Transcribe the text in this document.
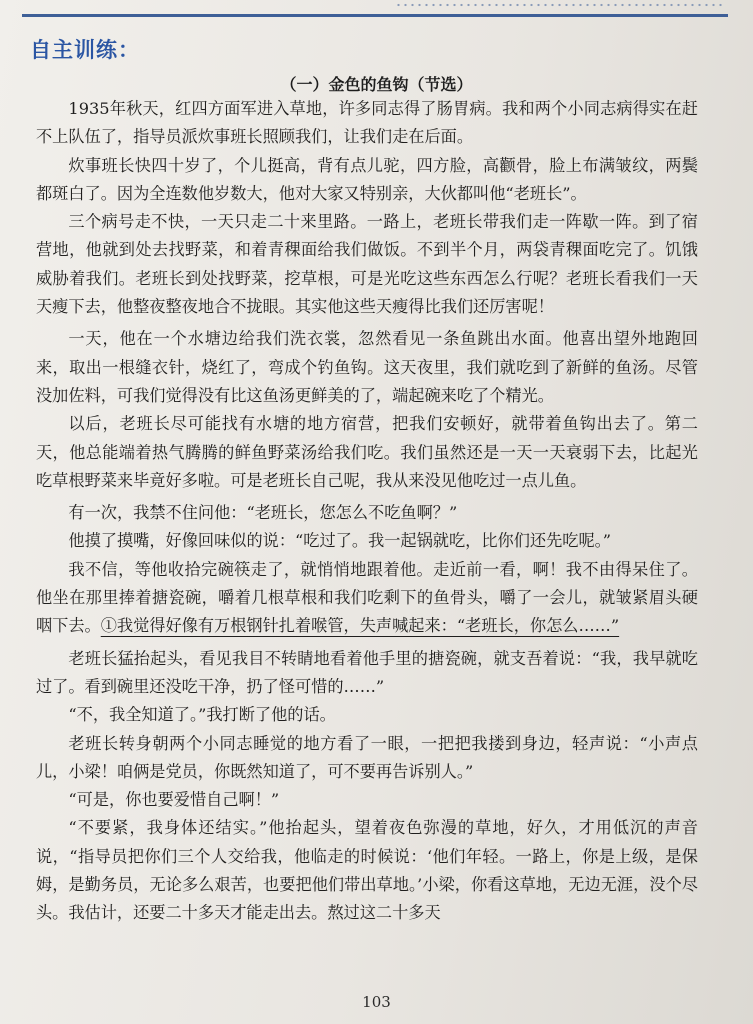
自主训练：
（一）金色的鱼钩（节选）

1935年秋天，红四方面军进入草地，许多同志得了肠胃病。我和两个小同志病得实在赶不上队伍了，指导员派炊事班长照顾我们，让我们走在后面。

炊事班长快四十岁了，个儿挺高，背有点儿驼，四方脸，高颧骨，脸上布满皱纹，两鬓都斑白了。因为全连数他岁数大，他对大家又特别亲，大伙都叫他“老班长”。

三个病号走不快，一天只走二十来里路。一路上，老班长带我们走一阵歇一阵。到了宿营地，他就到处去找野菜，和着青稞面给我们做饭。不到半个月，两袋青稞面吃完了。饥饿威胁着我们。老班长到处找野菜，挖草根，可是光吃这些东西怎么行呢？老班长看我们一天天瘦下去，他整夜整夜地合不拢眼。其实他这些天瘦得比我们还厉害呢！

一天，他在一个水塘边给我们洗衣裳，忽然看见一条鱼跳出水面。他喜出望外地跑回来，取出一根缝衣针，烧红了，弯成个钓鱼钩。这天夜里，我们就吃到了新鲜的鱼汤。尽管没加佐料，可我们觉得没有比这鱼汤更鲜美的了，端起碗来吃了个精光。

以后，老班长尽可能找有水塘的地方宿营，把我们安顿好，就带着鱼钩出去了。第二天，他总能端着热气腾腾的鲜鱼野菜汤给我们吃。我们虽然还是一天一天衰弱下去，比起光吃草根野菜来毕竟好多啦。可是老班长自己呢，我从来没见他吃过一点儿鱼。

有一次，我禁不住问他：“老班长，您怎么不吃鱼啊？”

他摸了摸嘴，好像回味似的说：“吃过了。我一起锅就吃，比你们还先吃呢。”

我不信，等他收拾完碗筷走了，就悄悄地跟着他。走近前一看，啊！我不由得呆住了。他坐在那里捧着搪瓷碗，嚼着几根草根和我们吃剩下的鱼骨头，嚼了一会儿，就皱紧眉头硬咽下去。①我觉得好像有万根钢针扎着喉管，失声喊起来：“老班长，你怎么……”

老班长猛抬起头，看见我目不转睛地看着他手里的搪瓷碗，就支吾着说：“我，我早就吃过了。看到碗里还没吃干净，扔了怪可惜的……”

“不，我全知道了。”我打断了他的话。

老班长转身朝两个小同志睡觉的地方看了一眼，一把把我搂到身边，轻声说：“小声点儿，小梁！咱俩是党员，你既然知道了，可不要再告诉别人。”

“可是，你也要爱惜自己啊！”

“不要紧，我身体还结实。”他抬起头，望着夜色弥漫的草地，好久，才用低沉的声音说，“指导员把你们三个人交给我，他临走的时候说：‘他们年轻。一路上，你是上级，是保姆，是勤务员，无论多么艰苦，也要把他们带出草地。’小梁，你看这草地，无边无涯，没个尽头。我估计，还要二十多天才能走出去。熬过这二十多天

103
